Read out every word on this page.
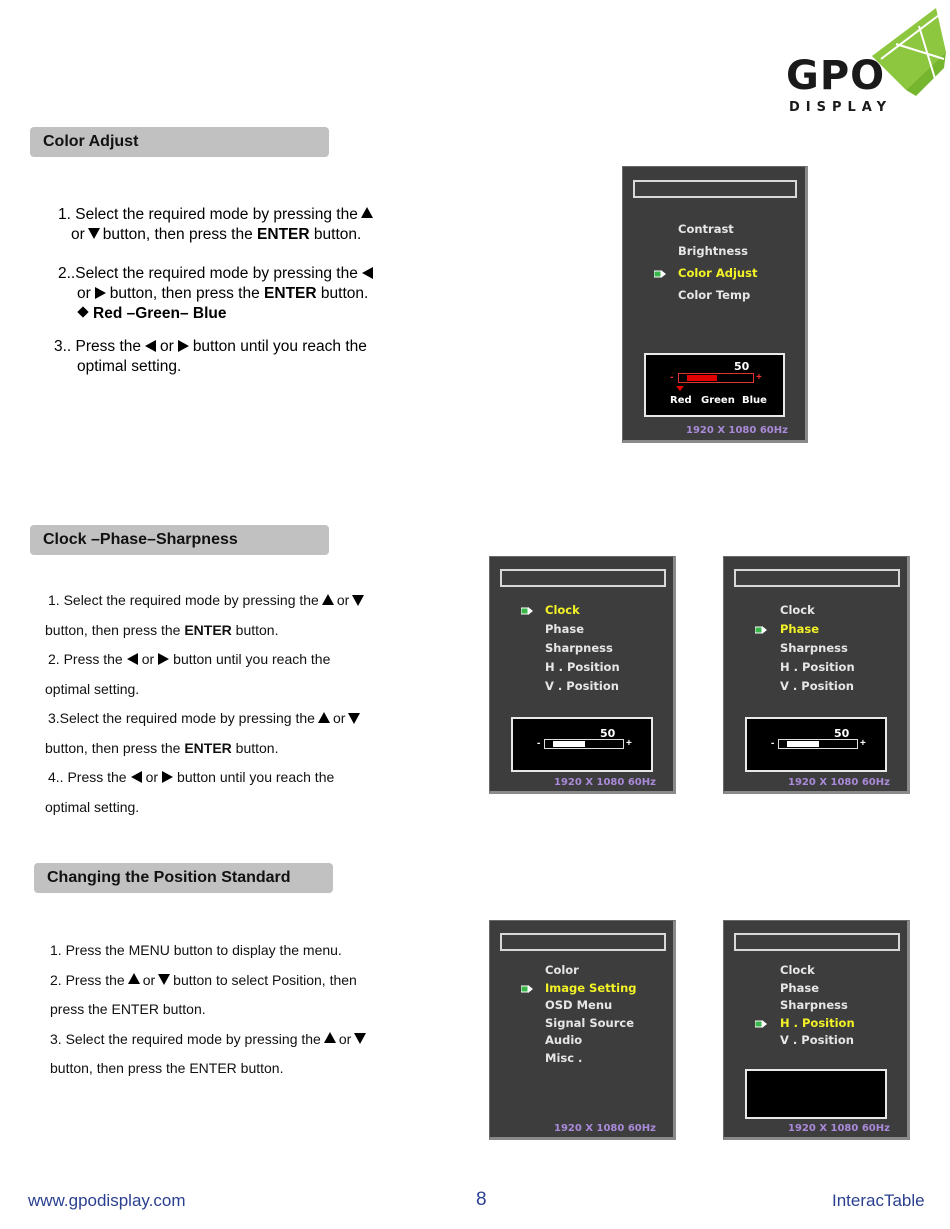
GPO
DISPLAY
Color Adjust
1. Select the required mode by pressing the
or button, then press the ENTER button.
2..Select the required mode by pressing the
or button, then press the ENTER button.
Red –Green– Blue
3.. Press the or button until you reach the
optimal setting.
Contrast
Brightness
Color Adjust
Color Temp
50
-	+
Red Green Blue
1920 X 1080 60Hz
Clock –Phase–Sharpness
1. Select the required mode by pressing the or
button, then press the ENTER button.
2. Press the or button until you reach the
optimal setting.
3.Select the required mode by pressing the or
button, then press the ENTER button.
4.. Press the or button until you reach the
optimal setting.
Clock
Phase
Sharpness
H . Position
V . Position
50
-	+
1920 X 1080 60Hz
Clock
Phase
Sharpness
H . Position
V . Position
50
-	+
1920 X 1080 60Hz
Changing the Position Standard
1. Press the MENU button to display the menu.
2. Press the or button to select Position, then
press the ENTER button.
3. Select the required mode by pressing the or
button, then press the ENTER button.
Color
Image Setting
OSD Menu
Signal Source
Audio
Misc .
1920 X 1080 60Hz
Clock
Phase
Sharpness
H . Position
V . Position
1920 X 1080 60Hz
www.gpodisplay.com	8	InteracTable
